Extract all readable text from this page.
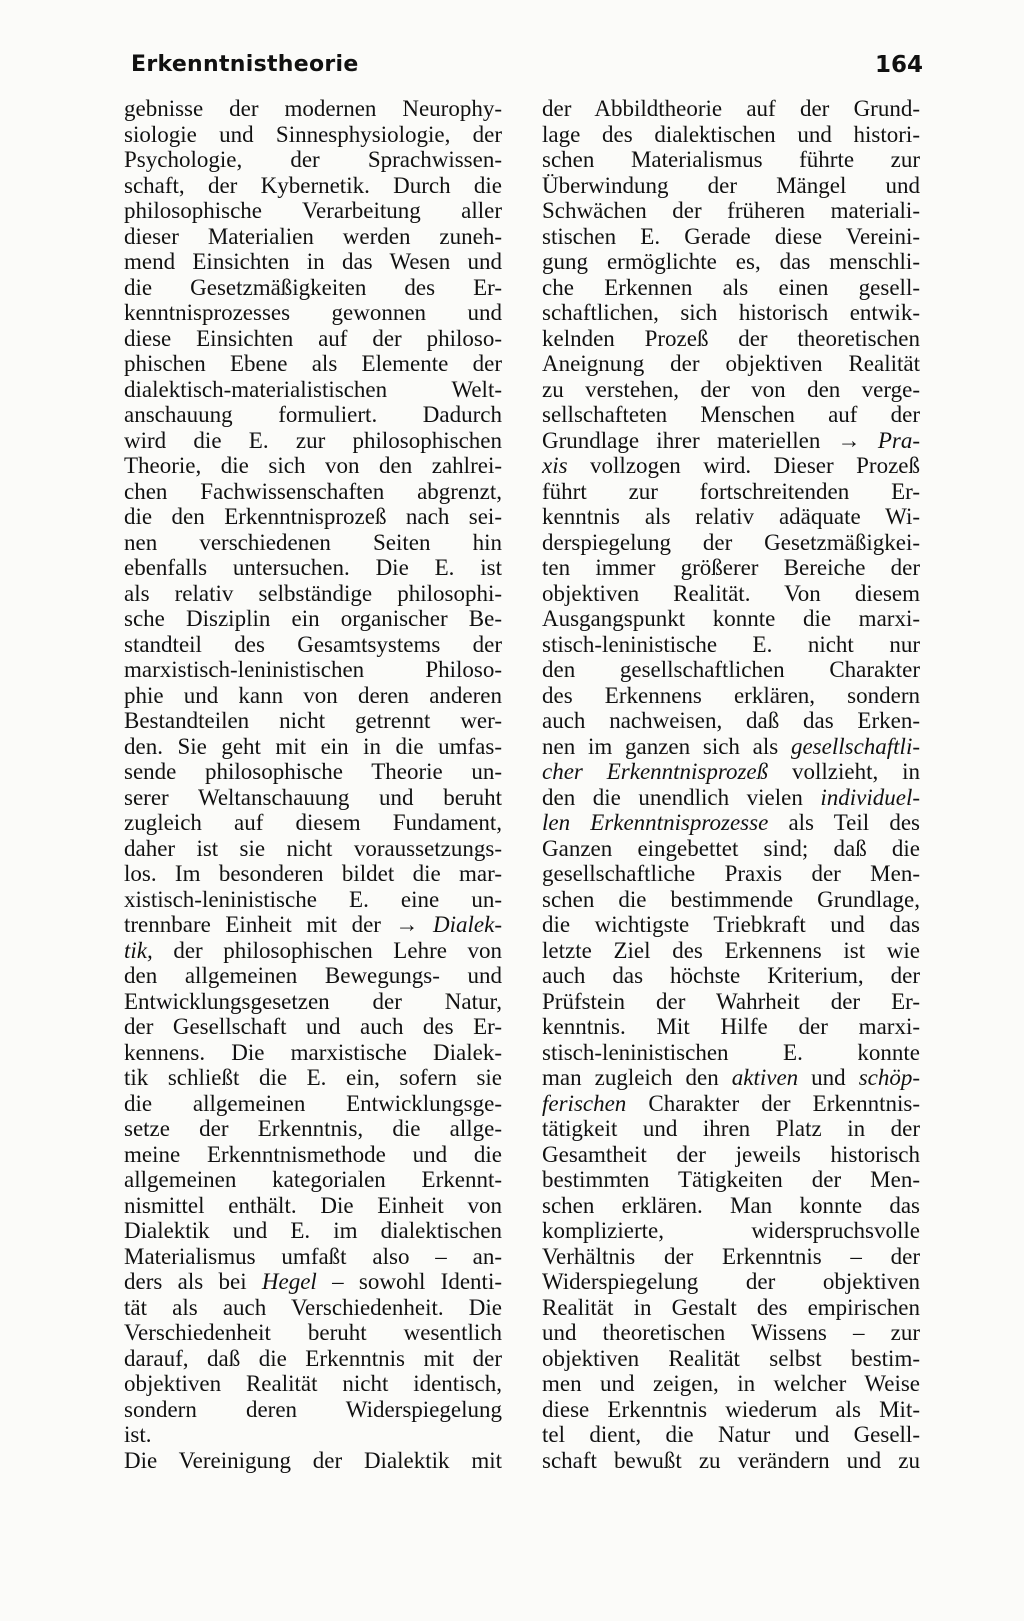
Erkenntnistheorie	164
gebnisse der modernen Neurophy-
siologie und Sinnesphysiologie, der
Psychologie, der Sprachwissen-
schaft, der Kybernetik. Durch die
philosophische Verarbeitung aller
dieser Materialien werden zuneh-
mend Einsichten in das Wesen und
die Gesetzmäßigkeiten des Er-
kenntnisprozesses gewonnen und
diese Einsichten auf der philoso-
phischen Ebene als Elemente der
dialektisch-materialistischen Welt-
anschauung formuliert. Dadurch
wird die E. zur philosophischen
Theorie, die sich von den zahlrei-
chen Fachwissenschaften abgrenzt,
die den Erkenntnisprozeß nach sei-
nen verschiedenen Seiten hin
ebenfalls untersuchen. Die E. ist
als relativ selbständige philosophi-
sche Disziplin ein organischer Be-
standteil des Gesamtsystems der
marxistisch-leninistischen Philoso-
phie und kann von deren anderen
Bestandteilen nicht getrennt wer-
den. Sie geht mit ein in die umfas-
sende philosophische Theorie un-
serer Weltanschauung und beruht
zugleich auf diesem Fundament,
daher ist sie nicht voraussetzungs-
los. Im besonderen bildet die mar-
xistisch-leninistische E. eine un-
trennbare Einheit mit der → Dialek-
tik, der philosophischen Lehre von
den allgemeinen Bewegungs- und
Entwicklungsgesetzen der Natur,
der Gesellschaft und auch des Er-
kennens. Die marxistische Dialek-
tik schließt die E. ein, sofern sie
die allgemeinen Entwicklungsge-
setze der Erkenntnis, die allge-
meine Erkenntnismethode und die
allgemeinen kategorialen Erkennt-
nismittel enthält. Die Einheit von
Dialektik und E. im dialektischen
Materialismus umfaßt also – an-
ders als bei Hegel – sowohl Identi-
tät als auch Verschiedenheit. Die
Verschiedenheit beruht wesentlich
darauf, daß die Erkenntnis mit der
objektiven Realität nicht identisch,
sondern deren Widerspiegelung
ist.
Die Vereinigung der Dialektik mit
der Abbildtheorie auf der Grund-
lage des dialektischen und histori-
schen Materialismus führte zur
Überwindung der Mängel und
Schwächen der früheren materiali-
stischen E. Gerade diese Vereini-
gung ermöglichte es, das menschli-
che Erkennen als einen gesell-
schaftlichen, sich historisch entwik-
kelnden Prozeß der theoretischen
Aneignung der objektiven Realität
zu verstehen, der von den verge-
sellschafteten Menschen auf der
Grundlage ihrer materiellen → Pra-
xis vollzogen wird. Dieser Prozeß
führt zur fortschreitenden Er-
kenntnis als relativ adäquate Wi-
derspiegelung der Gesetzmäßigkei-
ten immer größerer Bereiche der
objektiven Realität. Von diesem
Ausgangspunkt konnte die marxi-
stisch-leninistische E. nicht nur
den gesellschaftlichen Charakter
des Erkennens erklären, sondern
auch nachweisen, daß das Erken-
nen im ganzen sich als gesellschaftli-
cher Erkenntnisprozeß vollzieht, in
den die unendlich vielen individuel-
len Erkenntnisprozesse als Teil des
Ganzen eingebettet sind; daß die
gesellschaftliche Praxis der Men-
schen die bestimmende Grundlage,
die wichtigste Triebkraft und das
letzte Ziel des Erkennens ist wie
auch das höchste Kriterium, der
Prüfstein der Wahrheit der Er-
kenntnis. Mit Hilfe der marxi-
stisch-leninistischen E. konnte
man zugleich den aktiven und schöp-
ferischen Charakter der Erkenntnis-
tätigkeit und ihren Platz in der
Gesamtheit der jeweils historisch
bestimmten Tätigkeiten der Men-
schen erklären. Man konnte das
komplizierte, widerspruchsvolle
Verhältnis der Erkenntnis – der
Widerspiegelung der objektiven
Realität in Gestalt des empirischen
und theoretischen Wissens – zur
objektiven Realität selbst bestim-
men und zeigen, in welcher Weise
diese Erkenntnis wiederum als Mit-
tel dient, die Natur und Gesell-
schaft bewußt zu verändern und zu
